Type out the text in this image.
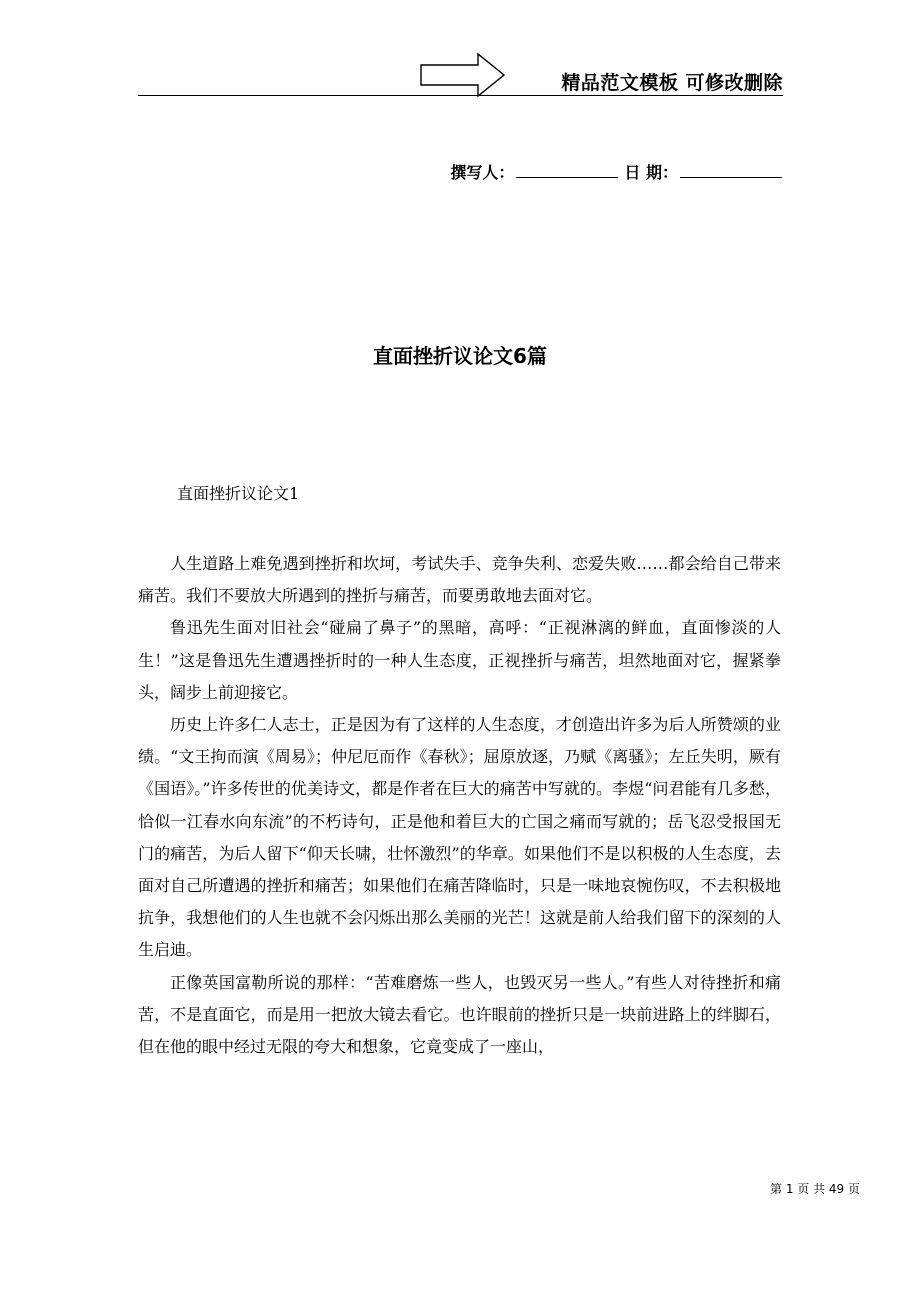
精品范文模板 可修改删除
撰写人：	日 期：
直面挫折议论文6篇
直面挫折议论文1

人生道路上难免遇到挫折和坎坷，考试失手、竞争失利、恋爱失败……都会给自己带来痛苦。我们不要放大所遇到的挫折与痛苦，而要勇敢地去面对它。

鲁迅先生面对旧社会“碰扁了鼻子”的黑暗，高呼：“正视淋漓的鲜血，直面惨淡的人生！”这是鲁迅先生遭遇挫折时的一种人生态度，正视挫折与痛苦，坦然地面对它，握紧拳头，阔步上前迎接它。

历史上许多仁人志士，正是因为有了这样的人生态度，才创造出许多为后人所赞颂的业绩。“文王拘而演《周易》；仲尼厄而作《春秋》；屈原放逐，乃赋《离骚》；左丘失明，厥有《国语》。”许多传世的优美诗文，都是作者在巨大的痛苦中写就的。李煜“问君能有几多愁，恰似一江春水向东流”的不朽诗句，正是他和着巨大的亡国之痛而写就的；岳飞忍受报国无门的痛苦，为后人留下“仰天长啸，壮怀激烈”的华章。如果他们不是以积极的人生态度，去面对自己所遭遇的挫折和痛苦；如果他们在痛苦降临时，只是一味地哀惋伤叹，不去积极地抗争，我想他们的人生也就不会闪烁出那么美丽的光芒！这就是前人给我们留下的深刻的人生启迪。

正像英国富勒所说的那样：“苦难磨炼一些人，也毁灭另一些人。”有些人对待挫折和痛苦，不是直面它，而是用一把放大镜去看它。也许眼前的挫折只是一块前进路上的绊脚石，但在他的眼中经过无限的夸大和想象，它竟变成了一座山，

第 1 页 共 49 页
